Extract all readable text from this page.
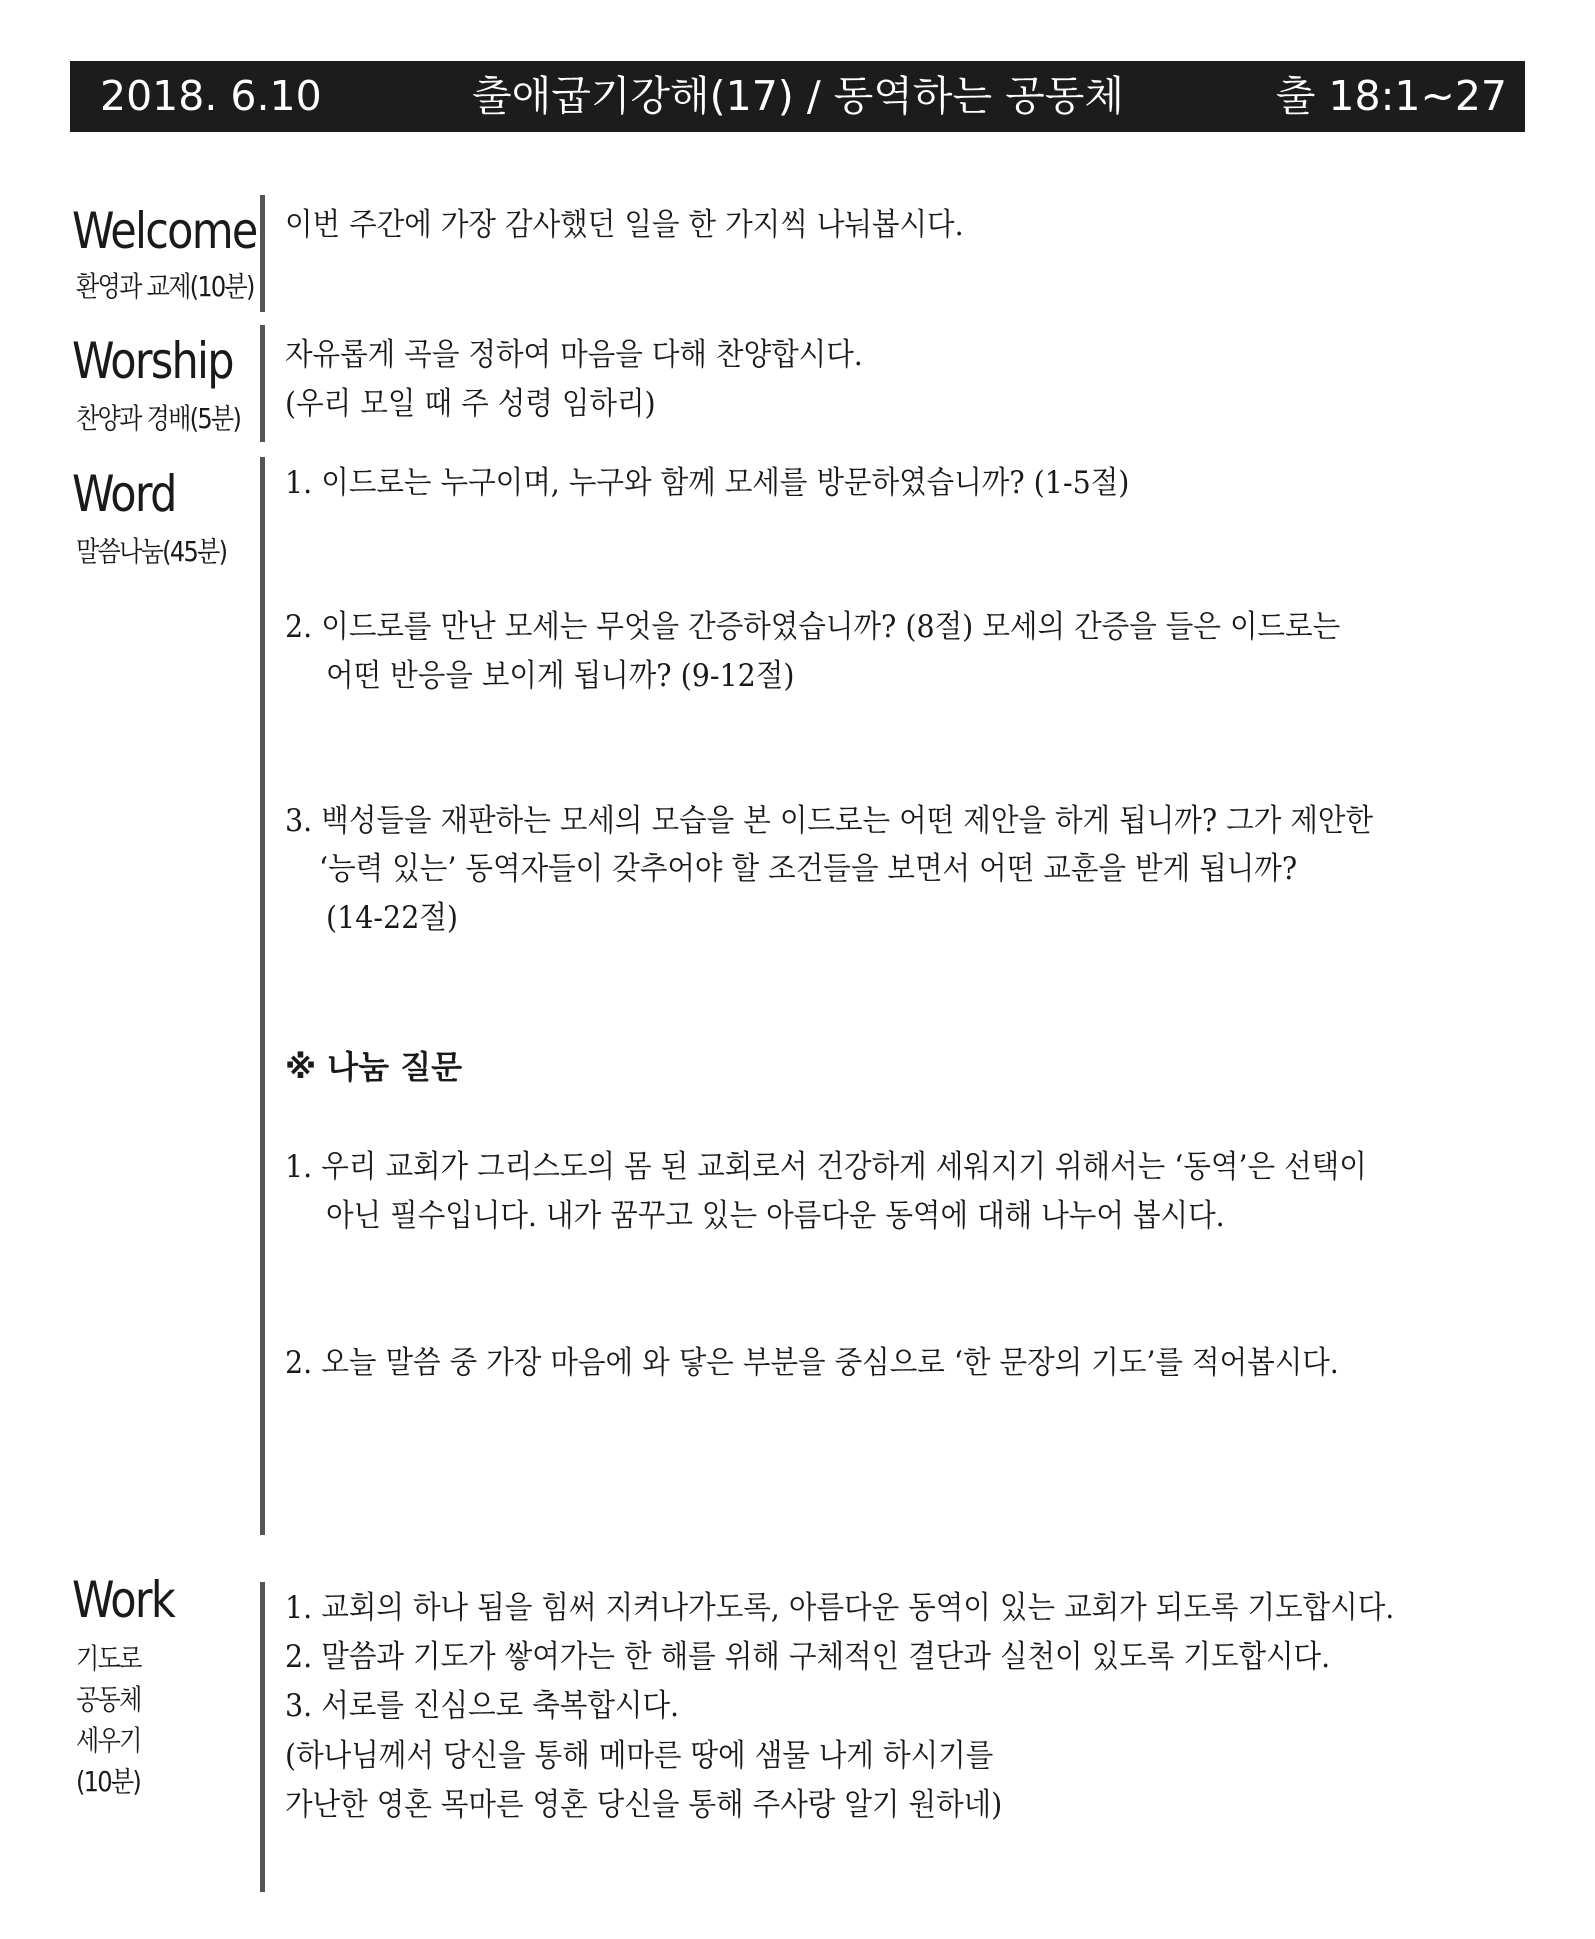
2018. 6.10	출애굽기강해(17) / 동역하는 공동체	출 18:1~27
Welcome
환영과 교제(10분)
이번 주간에 가장 감사했던 일을 한 가지씩 나눠봅시다.
Worship
찬양과 경배(5분)
자유롭게 곡을 정하여 마음을 다해 찬양합시다.
(우리 모일 때 주 성령 임하리)
Word
말씀나눔(45분)
1. 이드로는 누구이며, 누구와 함께 모세를 방문하였습니까? (1-5절)
2. 이드로를 만난 모세는 무엇을 간증하였습니까? (8절) 모세의 간증을 들은 이드로는
어떤 반응을 보이게 됩니까? (9-12절)
3. 백성들을 재판하는 모세의 모습을 본 이드로는 어떤 제안을 하게 됩니까? 그가 제안한
‘능력 있는’ 동역자들이 갖추어야 할 조건들을 보면서 어떤 교훈을 받게 됩니까?
(14-22절)
※ 나눔 질문
1. 우리 교회가 그리스도의 몸 된 교회로서 건강하게 세워지기 위해서는 ‘동역’은 선택이
아닌 필수입니다. 내가 꿈꾸고 있는 아름다운 동역에 대해 나누어 봅시다.
2. 오늘 말씀 중 가장 마음에 와 닿은 부분을 중심으로 ‘한 문장의 기도’를 적어봅시다.
Work
기도로
공동체
세우기
(10분)
1. 교회의 하나 됨을 힘써 지켜나가도록, 아름다운 동역이 있는 교회가 되도록 기도합시다.
2. 말씀과 기도가 쌓여가는 한 해를 위해 구체적인 결단과 실천이 있도록 기도합시다.
3. 서로를 진심으로 축복합시다.
(하나님께서 당신을 통해 메마른 땅에 샘물 나게 하시기를
가난한 영혼 목마른 영혼 당신을 통해 주사랑 알기 원하네)
